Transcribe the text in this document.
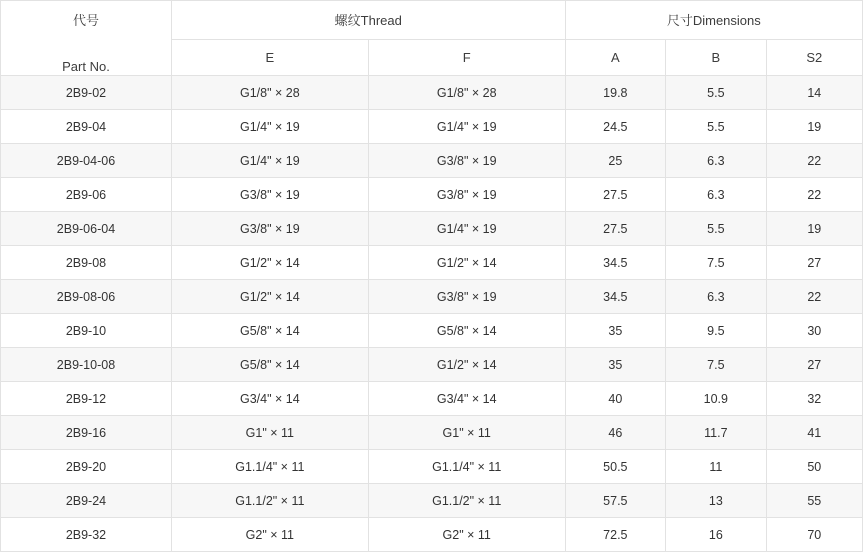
代号
Part No.	螺纹Thread		尺寸Dimensions		
	E	F	A	B	S2
2B9-02	G1/8" × 28	G1/8" × 28	19.8	5.5	14
2B9-04	G1/4" × 19	G1/4" × 19	24.5	5.5	19
2B9-04-06	G1/4" × 19	G3/8" × 19	25	6.3	22
2B9-06	G3/8" × 19	G3/8" × 19	27.5	6.3	22
2B9-06-04	G3/8" × 19	G1/4" × 19	27.5	5.5	19
2B9-08	G1/2" × 14	G1/2" × 14	34.5	7.5	27
2B9-08-06	G1/2" × 14	G3/8" × 19	34.5	6.3	22
2B9-10	G5/8" × 14	G5/8" × 14	35	9.5	30
2B9-10-08	G5/8" × 14	G1/2" × 14	35	7.5	27
2B9-12	G3/4" × 14	G3/4" × 14	40	10.9	32
2B9-16	G1" × 11	G1" × 11	46	11.7	41
2B9-20	G1.1/4" × 11	G1.1/4" × 11	50.5	11	50
2B9-24	G1.1/2" × 11	G1.1/2" × 11	57.5	13	55
2B9-32	G2" × 11	G2" × 11	72.5	16	70
